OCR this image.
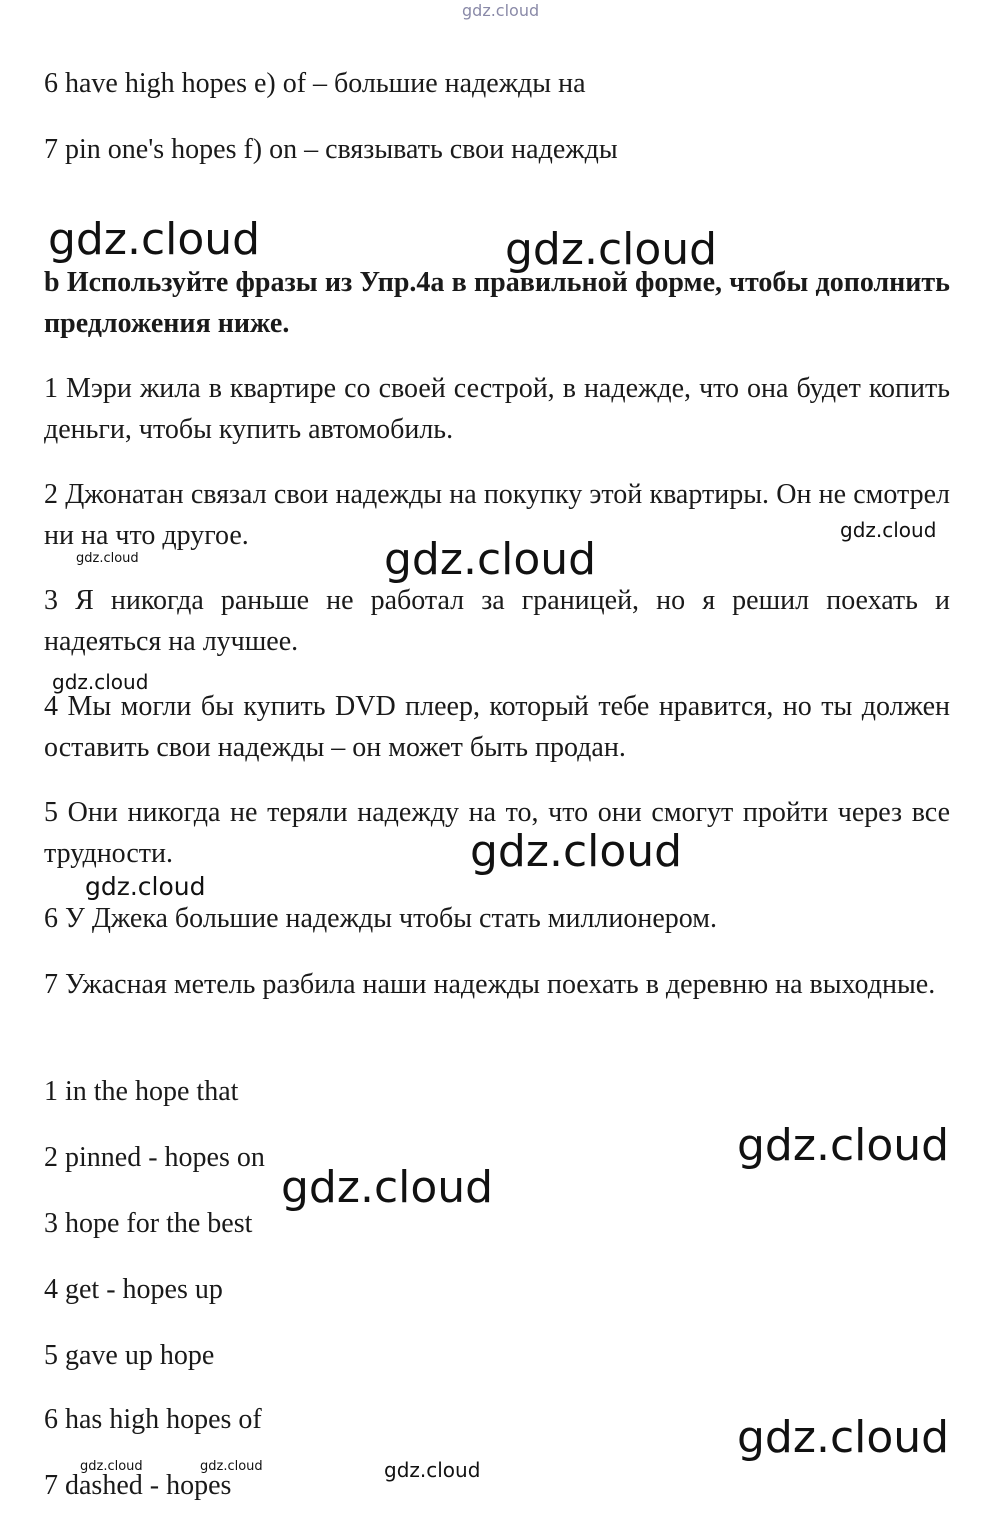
gdz.cloud
6 have high hopes e) of – большие надежды на
7 pin one's hopes f) on – связывать свои надежды
b Используйте фразы из Упр.4a в правильной форме, чтобы дополнить предложения ниже.
1 Мэри жила в квартире со своей сестрой, в надежде, что она будет копить деньги, чтобы купить автомобиль.
2 Джонатан связал свои надежды на покупку этой квартиры. Он не смотрел ни на что другое.
3 Я никогда раньше не работал за границей, но я решил поехать и надеяться на лучшее.
4 Мы могли бы купить DVD плеер, который тебе нравится, но ты должен оставить свои надежды – он может быть продан.
5 Они никогда не теряли надежду на то, что они смогут пройти через все трудности.
6 У Джека большие надежды чтобы стать миллионером.
7 Ужасная метель разбила наши надежды поехать в деревню на выходные.
1 in the hope that
2 pinned - hopes on
3 hope for the best
4 get - hopes up
5 gave up hope
6 has high hopes of
7 dashed - hopes
gdz.cloud	gdz.cloud
gdz.cloud
gdz.cloud	gdz.cloud
gdz.cloud
gdz.cloud
gdz.cloud
gdz.cloud
gdz.cloud
gdz.cloud
gdz.cloud	gdz.cloud	gdz.cloud
